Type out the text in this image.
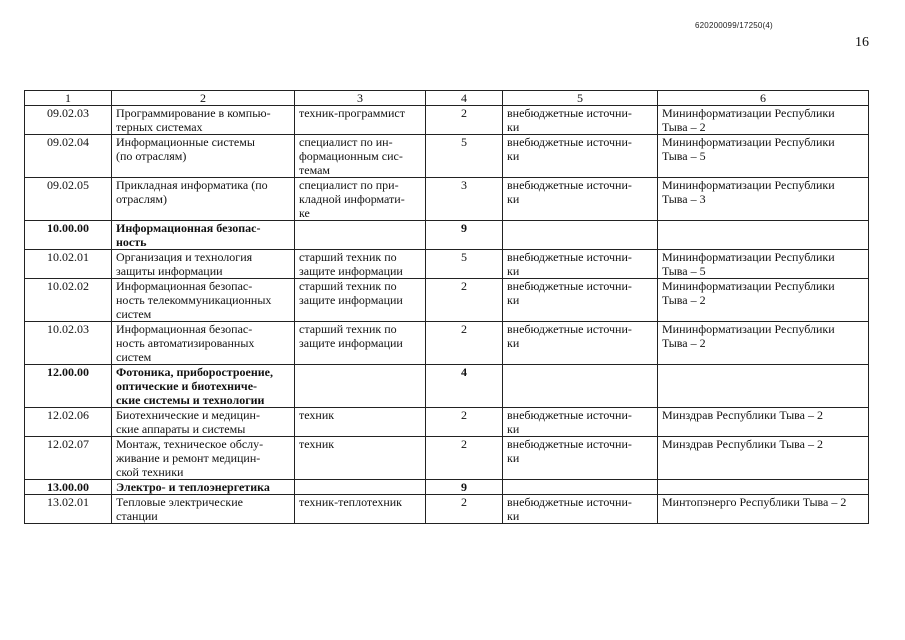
620200099/17250(4)
16
1	2	3	4	5	6

09.02.03	Программирование в компью-
терных системах	техник-программист	2	внебюджетные источни-
ки	Мининформатизации Республики
Тыва – 2

09.02.04	Информационные системы
(по отраслям)	специалист по ин-
формационным сис-
темам	5	внебюджетные источни-
ки	Мининформатизации Республики
Тыва – 5

09.02.05	Прикладная информатика (по
отраслям)	специалист по при-
кладной информати-
ке	3	внебюджетные источни-
ки	Мининформатизации Республики
Тыва – 3

10.00.00	Информационная безопас-
ность		9		

10.02.01	Организация и технология
защиты информации	старший техник по
защите информации	5	внебюджетные источни-
ки	Мининформатизации Республики
Тыва – 5

10.02.02	Информационная безопас-
ность телекоммуникационных
систем	старший техник по
защите информации	2	внебюджетные источни-
ки	Мининформатизации Республики
Тыва – 2

10.02.03	Информационная безопас-
ность автоматизированных
систем	старший техник по
защите информации	2	внебюджетные источни-
ки	Мининформатизации Республики
Тыва – 2

12.00.00	Фотоника, приборостроение,
оптические и биотехниче-
ские системы и технологии		4		

12.02.06	Биотехнические и медицин-
ские аппараты и системы	техник	2	внебюджетные источни-
ки	Минздрав Республики Тыва – 2

12.02.07	Монтаж, техническое обслу-
живание и ремонт медицин-
ской техники	техник	2	внебюджетные источни-
ки	Минздрав Республики Тыва – 2

13.00.00	Электро- и теплоэнергетика		9		

13.02.01	Тепловые электрические
станции	техник-теплотехник	2	внебюджетные источни-
ки	Минтопэнерго Республики Тыва – 2
